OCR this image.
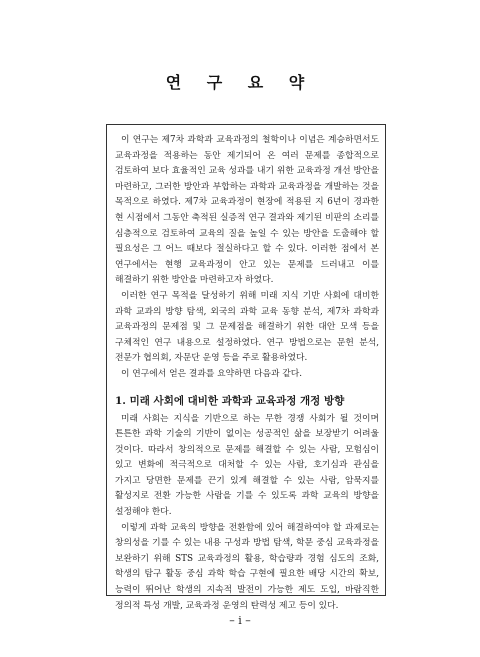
연 구 요 약

이 연구는 제7차 과학과 교육과정의 철학이나 이념은 계승하면서도 교육과정을 적용하는 동안 제기되어 온 여러 문제를 종합적으로 검토하여 보다 효율적인 교육 성과를 내기 위한 교육과정 개선 방안을 마련하고, 그러한 방안과 부합하는 과학과 교육과정을 개발하는 것을 목적으로 하였다. 제7차 교육과정이 현장에 적용된 지 6년이 경과한 현 시점에서 그동안 축적된 실증적 연구 결과와 제기된 비판의 소리를 심층적으로 검토하여 교육의 질을 높일 수 있는 방안을 도출해야 할 필요성은 그 어느 때보다 절실하다고 할 수 있다. 이러한 점에서 본 연구에서는 현행 교육과정이 안고 있는 문제를 드러내고 이를 해결하기 위한 방안을 마련하고자 하였다.

이러한 연구 목적을 달성하기 위해 미래 지식 기반 사회에 대비한 과학 교과의 방향 탐색, 외국의 과학 교육 동향 분석, 제7차 과학과 교육과정의 문제점 및 그 문제점을 해결하기 위한 대안 모색 등을 구체적인 연구 내용으로 설정하였다. 연구 방법으로는 문헌 분석, 전문가 협의회, 자문단 운영 등을 주로 활용하였다.

이 연구에서 얻은 결과를 요약하면 다음과 같다.

1. 미래 사회에 대비한 과학과 교육과정 개정 방향

미래 사회는 지식을 기반으로 하는 무한 경쟁 사회가 될 것이며 튼튼한 과학 기술의 기반이 없이는 성공적인 삶을 보장받기 어려울 것이다. 따라서 창의적으로 문제를 해결할 수 있는 사람, 모험심이 있고 변화에 적극적으로 대처할 수 있는 사람, 호기심과 관심을 가지고 당면한 문제를 끈기 있게 해결할 수 있는 사람, 암묵지를 활성지로 전환 가능한 사람을 기를 수 있도록 과학 교육의 방향을 설정해야 한다.

이렇게 과학 교육의 방향을 전환함에 있어 해결하여야 할 과제로는 창의성을 기를 수 있는 내용 구성과 방법 탐색, 학문 중심 교육과정을 보완하기 위해 STS 교육과정의 활용, 학습량과 경험 심도의 조화, 학생의 탐구 활동 중심 과학 학습 구현에 필요한 배당 시간의 확보, 능력이 뛰어난 학생의 지속적 발전이 가능한 제도 도입, 바람직한 정의적 특성 개발, 교육과정 운영의 탄력성 제고 등이 있다.

– i –
